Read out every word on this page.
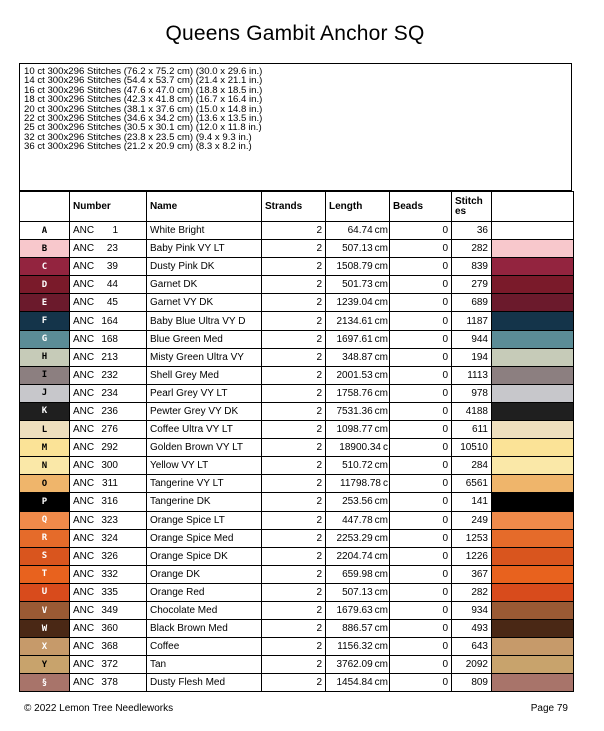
Queens Gambit Anchor SQ
10 ct 300x296 Stitches (76.2 x 75.2 cm) (30.0 x 29.6 in.)
14 ct 300x296 Stitches (54.4 x 53.7 cm) (21.4 x 21.1 in.)
16 ct 300x296 Stitches (47.6 x 47.0 cm) (18.8 x 18.5 in.)
18 ct 300x296 Stitches (42.3 x 41.8 cm) (16.7 x 16.4 in.)
20 ct 300x296 Stitches (38.1 x 37.6 cm) (15.0 x 14.8 in.)
22 ct 300x296 Stitches (34.6 x 34.2 cm) (13.6 x 13.5 in.)
25 ct 300x296 Stitches (30.5 x 30.1 cm) (12.0 x 11.8 in.)
32 ct 300x296 Stitches (23.8 x 23.5 cm) (9.4 x 9.3 in.)
36 ct 300x296 Stitches (21.2 x 20.9 cm) (8.3 x 8.2 in.)
	Number	Name	Strands	Length	Beads	Stitch
es	
A	ANC 1	White Bright	2	64.74 cm	0	36	
B	ANC 23	Baby Pink VY LT	2	507.13 cm	0	282	
C	ANC 39	Dusty Pink DK	2	1508.79 cm	0	839	
D	ANC 44	Garnet DK	2	501.73 cm	0	279	
E	ANC 45	Garnet VY DK	2	1239.04 cm	0	689	
F	ANC 164	Baby Blue Ultra VY D	2	2134.61 cm	0	1187	
G	ANC 168	Blue Green Med	2	1697.61 cm	0	944	
H	ANC 213	Misty Green Ultra VY	2	348.87 cm	0	194	
I	ANC 232	Shell Grey Med	2	2001.53 cm	0	1113	
J	ANC 234	Pearl Grey VY LT	2	1758.76 cm	0	978	
K	ANC 236	Pewter Grey VY DK	2	7531.36 cm	0	4188	
L	ANC 276	Coffee Ultra VY LT	2	1098.77 cm	0	611	
M	ANC 292	Golden Brown VY LT	2	18900.34 c	0	10510	
N	ANC 300	Yellow VY LT	2	510.72 cm	0	284	
O	ANC 311	Tangerine VY LT	2	11798.78 c	0	6561	
P	ANC 316	Tangerine DK	2	253.56 cm	0	141	
Q	ANC 323	Orange Spice LT	2	447.78 cm	0	249	
R	ANC 324	Orange Spice Med	2	2253.29 cm	0	1253	
S	ANC 326	Orange Spice DK	2	2204.74 cm	0	1226	
T	ANC 332	Orange DK	2	659.98 cm	0	367	
U	ANC 335	Orange Red	2	507.13 cm	0	282	
V	ANC 349	Chocolate Med	2	1679.63 cm	0	934	
W	ANC 360	Black Brown Med	2	886.57 cm	0	493	
X	ANC 368	Coffee	2	1156.32 cm	0	643	
Y	ANC 372	Tan	2	3762.09 cm	0	2092	
§	ANC 378	Dusty Flesh Med	2	1454.84 cm	0	809	
© 2022 Lemon Tree Needleworks	Page 79
